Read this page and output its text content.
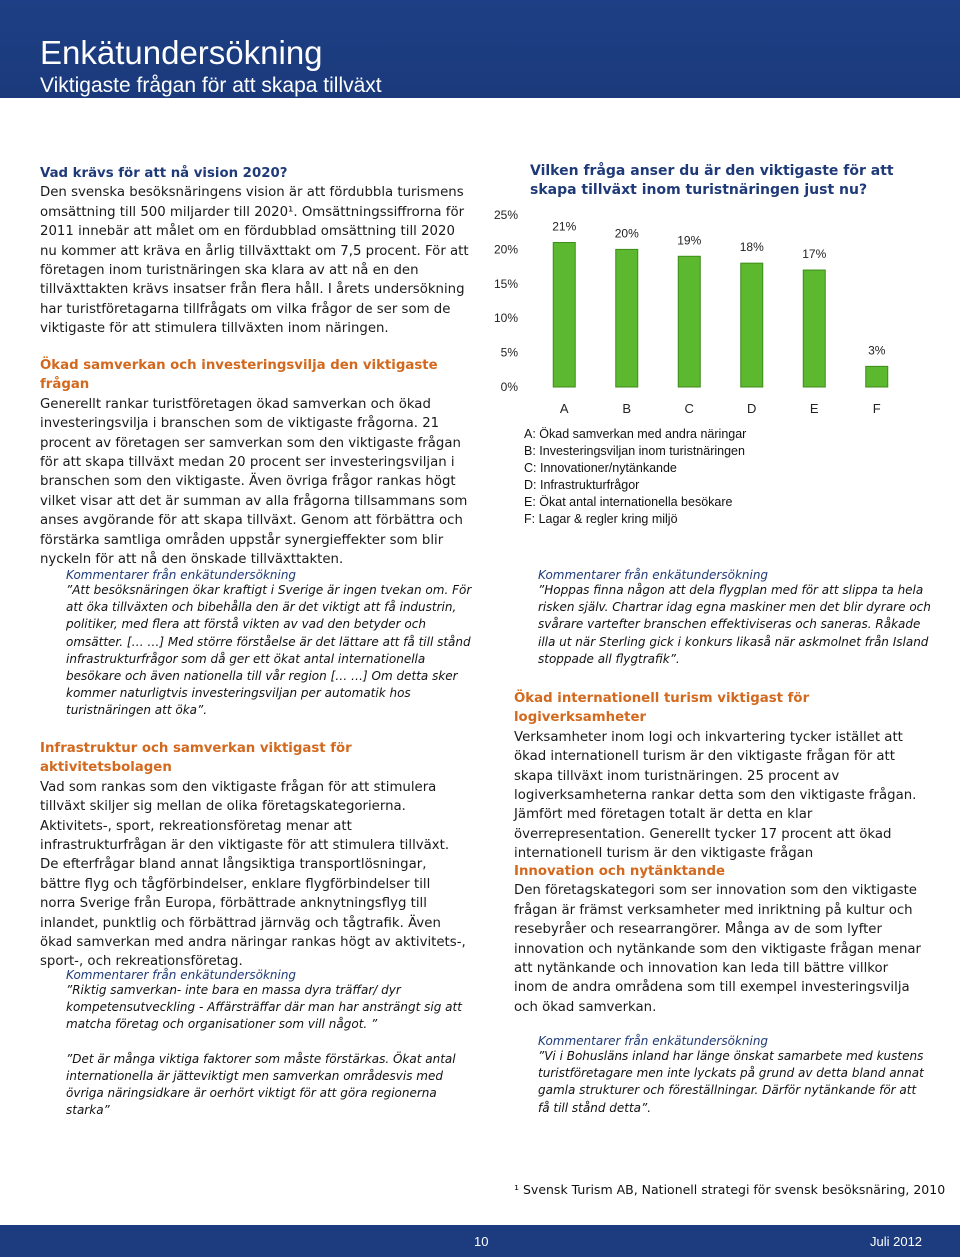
Enkätundersökning
Viktigaste frågan för att skapa tillväxt
Vad krävs för att nå vision 2020?
Den svenska besöksnäringens vision är att fördubbla turismens
omsättning till 500 miljarder till 2020¹. Omsättningssiffrorna för
2011 innebär att målet om en fördubblad omsättning till 2020
nu kommer att kräva en årlig tillväxttakt om 7,5 procent. För att
företagen inom turistnäringen ska klara av att nå en den
tillväxttakten krävs insatser från flera håll. I årets undersökning
har turistföretagarna tillfrågats om vilka frågor de ser som de
viktigaste för att stimulera tillväxten inom näringen.
Ökad samverkan och investeringsvilja den viktigaste frågan
Generellt rankar turistföretagen ökad samverkan och ökad
investeringsvilja i branschen som de viktigaste frågorna. 21
procent av företagen ser samverkan som den viktigaste frågan
för att skapa tillväxt medan 20 procent ser investeringsviljan i
branschen som den viktigaste. Även övriga frågor rankas högt
vilket visar att det är summan av alla frågorna tillsammans som
anses avgörande för att skapa tillväxt. Genom att förbättra och
förstärka samtliga områden uppstår synergieffekter som blir
nyckeln för att nå den önskade tillväxttakten.
Kommentarer från enkätundersökning
”Att besöksnäringen ökar kraftigt i Sverige är ingen tvekan om. För
att öka tillväxten och bibehålla den är det viktigt att få industrin,
politiker, med flera att förstå vikten av vad den betyder och
omsätter. [… …] Med större förståelse är det lättare att få till stånd
infrastrukturfrågor som då ger ett ökat antal internationella
besökare och även nationella till vår region [… …] Om detta sker
kommer naturligtvis investeringsviljan per automatik hos
turistnäringen att öka”.
Infrastruktur och samverkan viktigast för aktivitetsbolagen
Vad som rankas som den viktigaste frågan för att stimulera
tillväxt skiljer sig mellan de olika företagskategorierna.
Aktivitets-, sport, rekreationsföretag menar att
infrastrukturfrågan är den viktigaste för att stimulera tillväxt.
De efterfrågar bland annat långsiktiga transportlösningar,
bättre flyg och tågförbindelser, enklare flygförbindelser till
norra Sverige från Europa, förbättrade anknytningsflyg till
inlandet, punktlig och förbättrad järnväg och tågtrafik. Även
ökad samverkan med andra näringar rankas högt av aktivitets-,
sport-, och rekreationsföretag.
Kommentarer från enkätundersökning
”Riktig samverkan- inte bara en massa dyra träffar/ dyr
kompetensutveckling - Affärsträffar där man har ansträngt sig att
matcha företag och organisationer som vill något. ”
”Det är många viktiga faktorer som måste förstärkas. Ökat antal
internationella är jätteviktigt men samverkan områdesvis med
övriga näringsidkare är oerhört viktigt för att göra regionerna
starka”
Vilken fråga anser du är den viktigaste för att skapa tillväxt inom turistnäringen just nu?
0%
5%
10%
15%
20%
25%
21%
A
20%
B
19%
C
18%
D
17%
E
3%
F
A: Ökad samverkan med andra näringar
B: Investeringsviljan inom turistnäringen
C: Innovationer/nytänkande
D: Infrastrukturfrågor
E: Ökat antal internationella besökare
F: Lagar & regler kring miljö
Kommentarer från enkätundersökning
”Hoppas finna någon att dela flygplan med för att slippa ta hela
risken själv. Chartrar idag egna maskiner men det blir dyrare och
svårare vartefter branschen effektiviseras och saneras. Råkade
illa ut när Sterling gick i konkurs likaså när askmolnet från Island
stoppade all flygtrafik”.
Ökad internationell turism viktigast för logiverksamheter
Verksamheter inom logi och inkvartering tycker istället att
ökad internationell turism är den viktigaste frågan för att
skapa tillväxt inom turistnäringen. 25 procent av
logiverksamheterna rankar detta som den viktigaste frågan.
Jämfört med företagen totalt är detta en klar
överrepresentation. Generellt tycker 17 procent att ökad
internationell turism är den viktigaste frågan
Innovation och nytänktande
Den företagskategori som ser innovation som den viktigaste
frågan är främst verksamheter med inriktning på kultur och
resebyråer och researrangörer. Många av de som lyfter
innovation och nytänkande som den viktigaste frågan menar
att nytänkande och innovation kan leda till bättre villkor
inom de andra områdena som till exempel investeringsvilja
och ökad samverkan.
Kommentarer från enkätundersökning
”Vi i Bohusläns inland har länge önskat samarbete med kustens
turistföretagare men inte lyckats på grund av detta bland annat
gamla strukturer och föreställningar. Därför nytänkande för att
få till stånd detta”.
¹ Svensk Turism AB, Nationell strategi för svensk besöksnäring, 2010
10	Juli 2012
